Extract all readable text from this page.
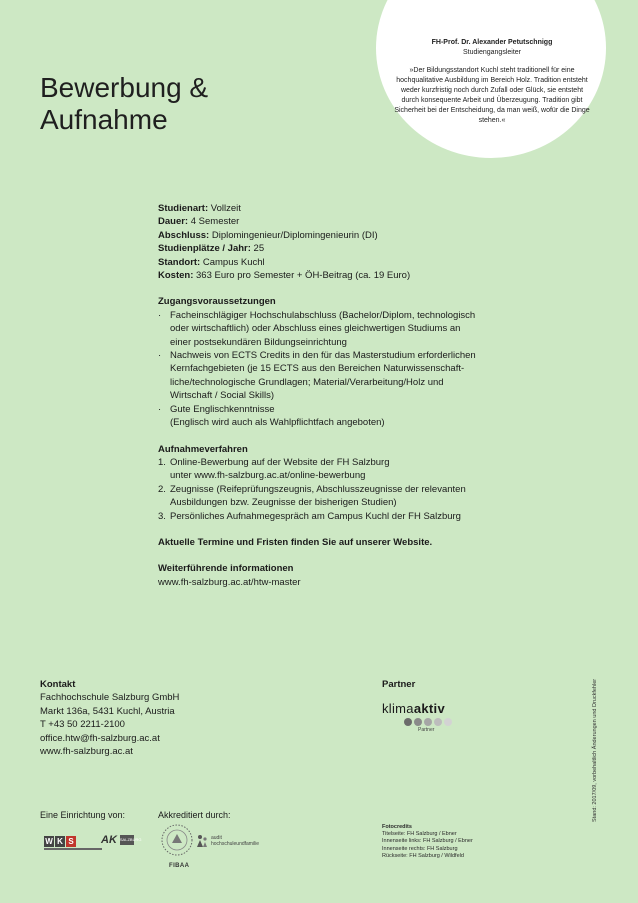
FH-Prof. Dr. Alexander Petutschnigg
Studiengangsleiter
»Der Bildungsstandort Kuchl steht traditionell für eine hochqualitative Ausbildung im Bereich Holz. Tradition entsteht weder kurzfristig noch durch Zufall oder Glück, sie entsteht durch konsequente Arbeit und Überzeugung. Tradition gibt Sicherheit bei der Entscheidung, da man weiß, wofür die Dinge stehen.«
Bewerbung &
Aufnahme
Studienart: Vollzeit
Dauer: 4 Semester
Abschluss: Diplomingenieur/Diplomingenieurin (DI)
Studienplätze / Jahr: 25
Standort: Campus Kuchl
Kosten: 363 Euro pro Semester + ÖH-Beitrag (ca. 19 Euro)
Zugangsvoraussetzungen
· Facheinschlägiger Hochschulabschluss (Bachelor/Diplom, technologisch
oder wirtschaftlich) oder Abschluss eines gleichwertigen Studiums an
einer postsekundären Bildungseinrichtung
· Nachweis von ECTS Credits in den für das Masterstudium erforderlichen
Kernfachgebieten (je 15 ECTS aus den Bereichen Naturwissenschaft-
liche/technologische Grundlagen; Material/Verarbeitung/Holz und
Wirtschaft / Social Skills)
· Gute Englischkenntnisse
(Englisch wird auch als Wahlpflichtfach angeboten)
Aufnahmeverfahren
1. Online-Bewerbung auf der Website der FH Salzburg
unter www.fh-salzburg.ac.at/online-bewerbung
2. Zeugnisse (Reifeprüfungszeugnis, Abschlusszeugnisse der relevanten
Ausbildungen bzw. Zeugnisse der bisherigen Studien)
3. Persönliches Aufnahmegespräch am Campus Kuchl der FH Salzburg
Aktuelle Termine und Fristen finden Sie auf unserer Website.
Weiterführende informationen
www.fh-salzburg.ac.at/htw-master
Kontakt
Fachhochschule Salzburg GmbH
Markt 136a, 5431 Kuchl, Austria
T +43 50 2211-2100
office.htw@fh-salzburg.ac.at
www.fh-salzburg.ac.at
Partner
klimaaktiv
Partner
Eine Einrichtung von:	Akkreditiert durch:
W K S AK SALZBURG
FIBAA
audit
hochschuleundfamilie
Fotocredits
Titelseite: FH Salzburg / Ebner
Innenseite links: FH Salzburg / Ebner
Innenseite rechts: FH Salzburg
Rückseite: FH Salzburg / Wildfeld
Stand: 2017/09, vorbehaltlich Änderungen und Druckfehler
